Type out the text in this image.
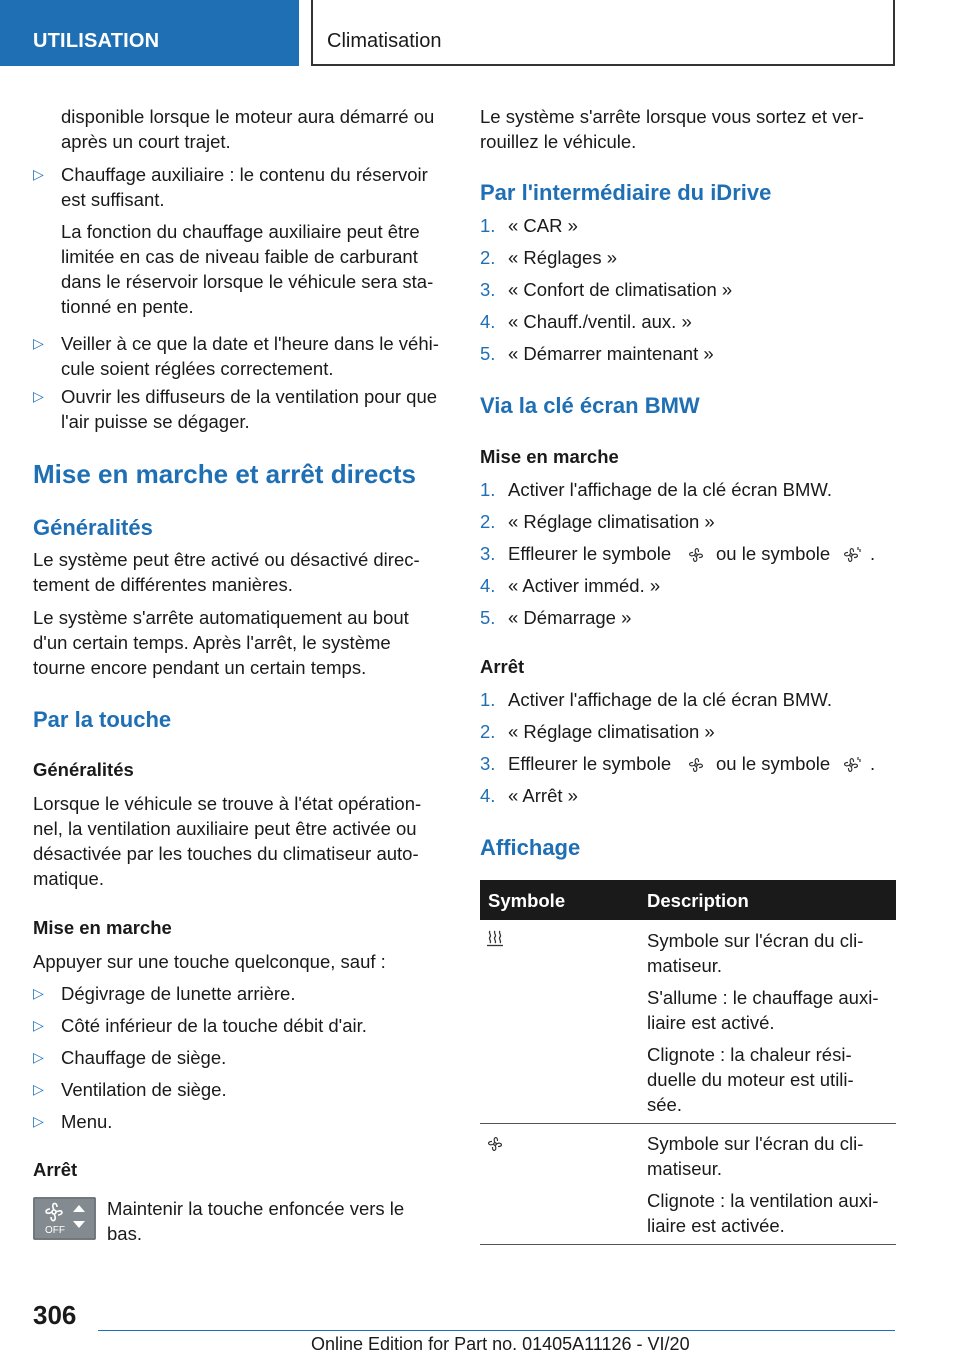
UTILISATION	Climatisation
disponible lorsque le moteur aura démarré ou
après un court trajet.
▷ Chauffage auxiliaire : le contenu du réservoir
est suffisant.
La fonction du chauffage auxiliaire peut être
limitée en cas de niveau faible de carburant
dans le réservoir lorsque le véhicule sera sta-
tionné en pente.
▷ Veiller à ce que la date et l'heure dans le véhi-
cule soient réglées correctement.
▷ Ouvrir les diffuseurs de la ventilation pour que
l'air puisse se dégager.
Mise en marche et arrêt directs
Généralités
Le système peut être activé ou désactivé direc-
tement de différentes manières.
Le système s'arrête automatiquement au bout
d'un certain temps. Après l'arrêt, le système
tourne encore pendant un certain temps.
Par la touche
Généralités
Lorsque le véhicule se trouve à l'état opération-
nel, la ventilation auxiliaire peut être activée ou
désactivée par les touches du climatiseur auto-
matique.
Mise en marche
Appuyer sur une touche quelconque, sauf :
▷ Dégivrage de lunette arrière.
▷ Côté inférieur de la touche débit d'air.
▷ Chauffage de siège.
▷ Ventilation de siège.
▷ Menu.
Arrêt
OFF
Maintenir la touche enfoncée vers le
bas.
Le système s'arrête lorsque vous sortez et ver-
rouillez le véhicule.
Par l'intermédiaire du iDrive
1. « CAR »
2. « Réglages »
3. « Confort de climatisation »
4. « Chauff./ventil. aux. »
5. « Démarrer maintenant »
Via la clé écran BMW
Mise en marche
1. Activer l'affichage de la clé écran BMW.
2. « Réglage climatisation »
3. Effleurer le symbole ou le symbole .
4. « Activer imméd. »
5. « Démarrage »
Arrêt
1. Activer l'affichage de la clé écran BMW.
2. « Réglage climatisation »
3. Effleurer le symbole ou le symbole .
4. « Arrêt »
Affichage
Symbole	Description
Symbole sur l'écran du cli-
matiseur.
S'allume : le chauffage auxi-
liaire est activé.
Clignote : la chaleur rési-
duelle du moteur est utili-
sée.
Symbole sur l'écran du cli-
matiseur.
Clignote : la ventilation auxi-
liaire est activée.
306
Online Edition for Part no. 01405A11126 - VI/20
